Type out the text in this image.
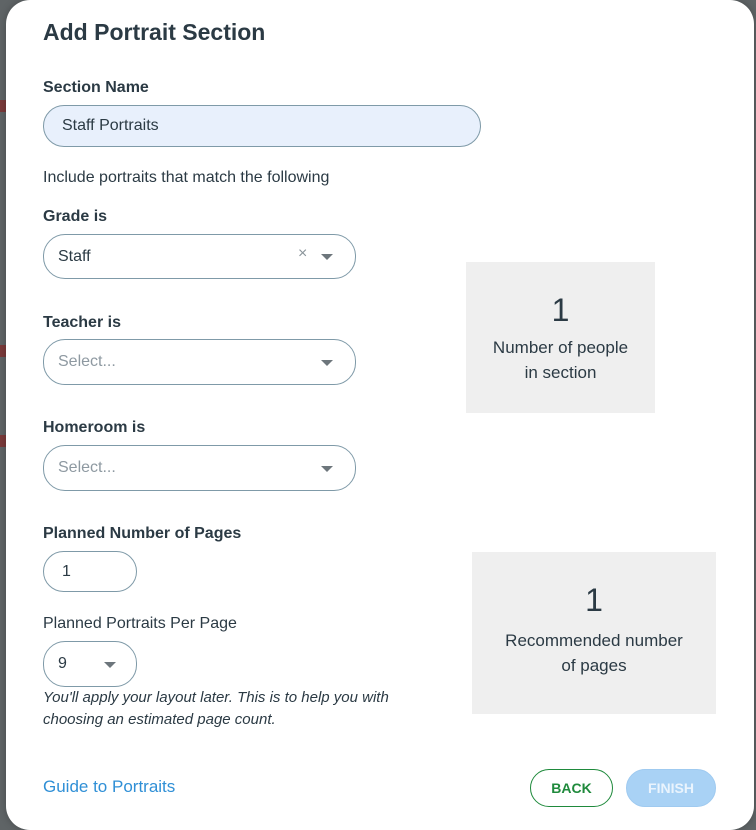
Add Portrait Section
Section Name
Staff Portraits
Include portraits that match the following
Grade is
Staff	×
Teacher is
Select...
Homeroom is
Select...
1
Number of people
in section
Planned Number of Pages
1
Planned Portraits Per Page
9
You'll apply your layout later. This is to help you with
choosing an estimated page count.
1
Recommended number
of pages
Guide to Portraits	BACK	FINISH
